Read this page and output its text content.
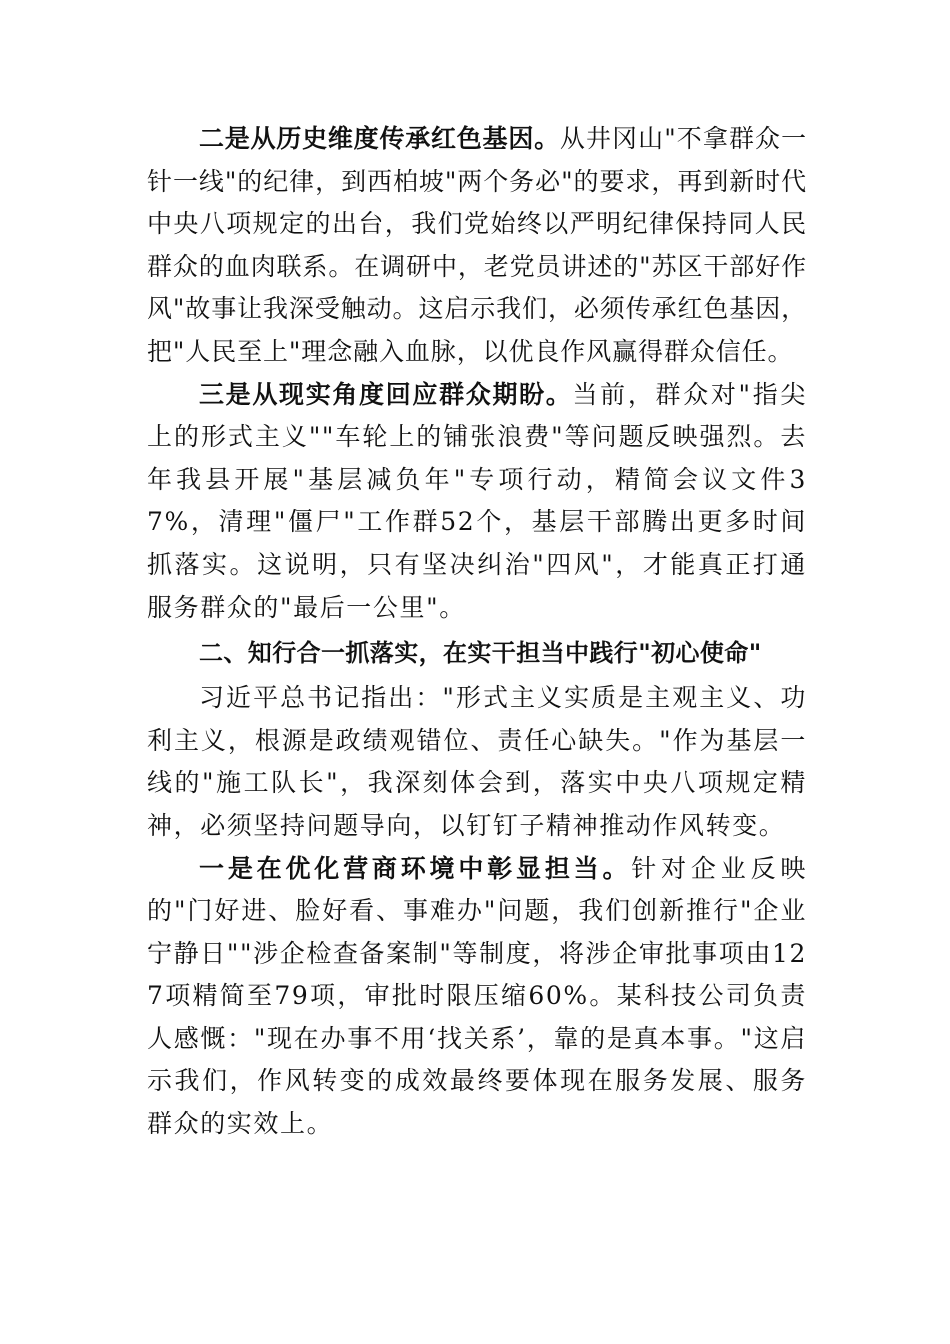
二是从历史维度传承红色基因。从井冈山"不拿群众一针一线"的纪律，到西柏坡"两个务必"的要求，再到新时代中央八项规定的出台，我们党始终以严明纪律保持同人民群众的血肉联系。在调研中，老党员讲述的"苏区干部好作风"故事让我深受触动。这启示我们，必须传承红色基因，把"人民至上"理念融入血脉，以优良作风赢得群众信任。

三是从现实角度回应群众期盼。当前，群众对"指尖上的形式主义""车轮上的铺张浪费"等问题反映强烈。去年我县开展"基层减负年"专项行动，精简会议文件37%，清理"僵尸"工作群52个，基层干部腾出更多时间抓落实。这说明，只有坚决纠治"四风"，才能真正打通服务群众的"最后一公里"。

二、知行合一抓落实，在实干担当中践行"初心使命"

习近平总书记指出："形式主义实质是主观主义、功利主义，根源是政绩观错位、责任心缺失。"作为基层一线的"施工队长"，我深刻体会到，落实中央八项规定精神，必须坚持问题导向，以钉钉子精神推动作风转变。

一是在优化营商环境中彰显担当。针对企业反映的"门好进、脸好看、事难办"问题，我们创新推行"企业宁静日""涉企检查备案制"等制度，将涉企审批事项由127项精简至79项，审批时限压缩60%。某科技公司负责人感慨："现在办事不用‘找关系’，靠的是真本事。"这启示我们，作风转变的成效最终要体现在服务发展、服务群众的实效上。
